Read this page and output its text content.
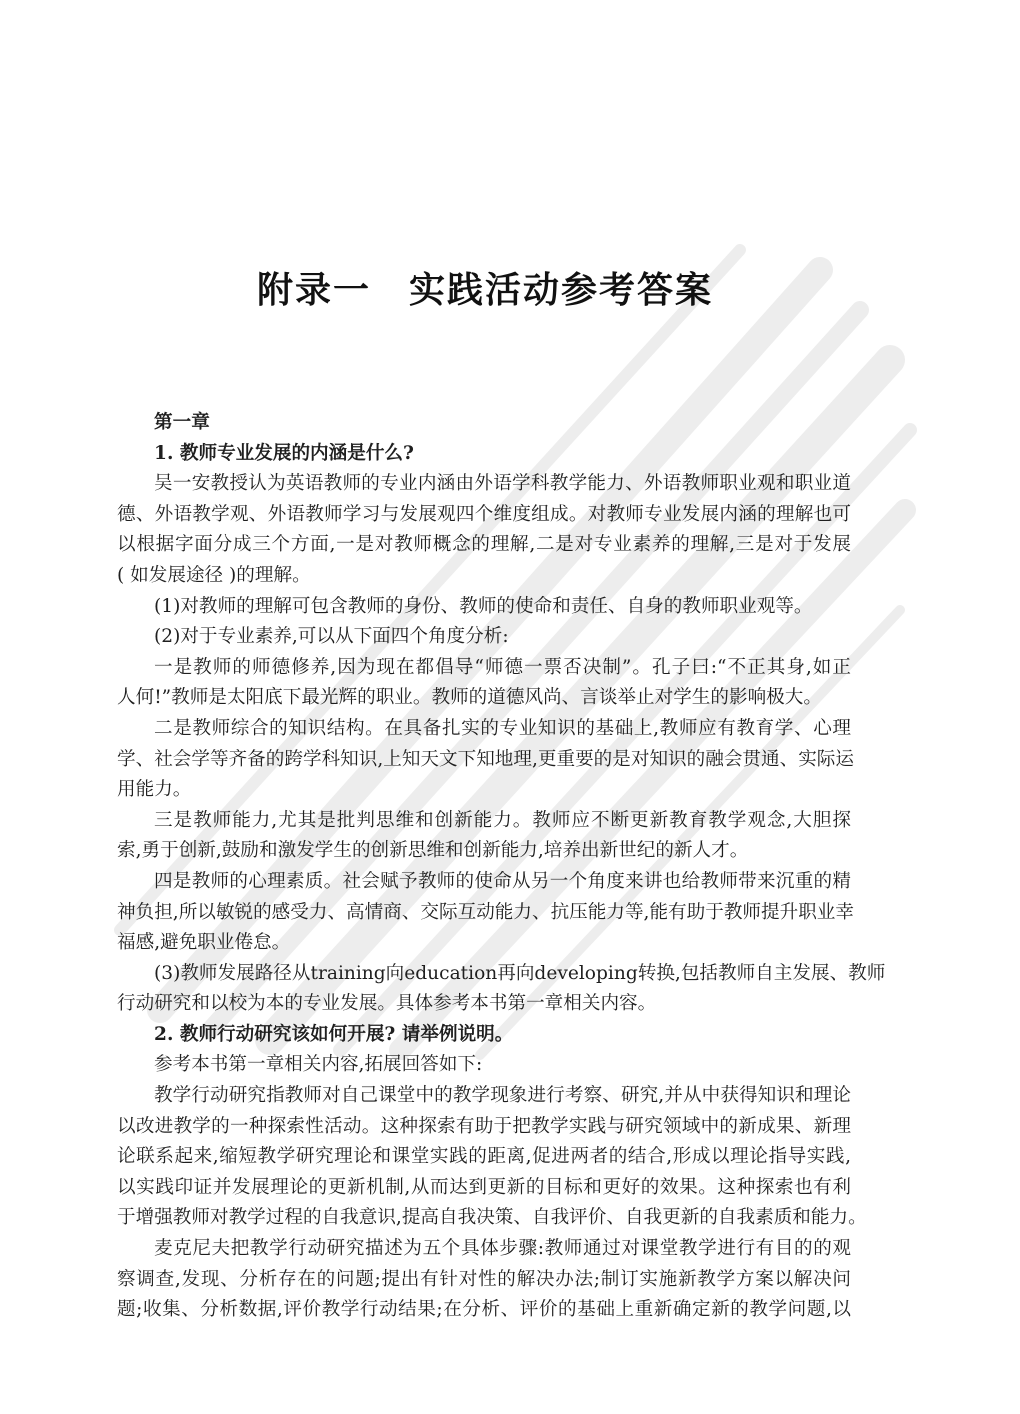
附录一　实践活动参考答案
第一章
1. 教师专业发展的内涵是什么?
吴一安教授认为英语教师的专业内涵由外语学科教学能力、外语教师职业观和职业道
德、外语教学观、外语教师学习与发展观四个维度组成。对教师专业发展内涵的理解也可
以根据字面分成三个方面,一是对教师概念的理解,二是对专业素养的理解,三是对于发展
( 如发展途径 )的理解。
(1)对教师的理解可包含教师的身份、教师的使命和责任、自身的教师职业观等。
(2)对于专业素养,可以从下面四个角度分析:
一是教师的师德修养,因为现在都倡导“师德一票否决制”。孔子曰:“不正其身,如正
人何!”教师是太阳底下最光辉的职业。教师的道德风尚、言谈举止对学生的影响极大。
二是教师综合的知识结构。在具备扎实的专业知识的基础上,教师应有教育学、心理
学、社会学等齐备的跨学科知识,上知天文下知地理,更重要的是对知识的融会贯通、实际运
用能力。
三是教师能力,尤其是批判思维和创新能力。教师应不断更新教育教学观念,大胆探
索,勇于创新,鼓励和激发学生的创新思维和创新能力,培养出新世纪的新人才。
四是教师的心理素质。社会赋予教师的使命从另一个角度来讲也给教师带来沉重的精
神负担,所以敏锐的感受力、高情商、交际互动能力、抗压能力等,能有助于教师提升职业幸
福感,避免职业倦怠。
(3)教师发展路径从training向education再向developing转换,包括教师自主发展、教师
行动研究和以校为本的专业发展。具体参考本书第一章相关内容。
2. 教师行动研究该如何开展? 请举例说明。
参考本书第一章相关内容,拓展回答如下:
教学行动研究指教师对自己课堂中的教学现象进行考察、研究,并从中获得知识和理论
以改进教学的一种探索性活动。这种探索有助于把教学实践与研究领域中的新成果、新理
论联系起来,缩短教学研究理论和课堂实践的距离,促进两者的结合,形成以理论指导实践,
以实践印证并发展理论的更新机制,从而达到更新的目标和更好的效果。这种探索也有利
于增强教师对教学过程的自我意识,提高自我决策、自我评价、自我更新的自我素质和能力。
麦克尼夫把教学行动研究描述为五个具体步骤:教师通过对课堂教学进行有目的的观
察调查,发现、分析存在的问题;提出有针对性的解决办法;制订实施新教学方案以解决问
题;收集、分析数据,评价教学行动结果;在分析、评价的基础上重新确定新的教学问题,以
